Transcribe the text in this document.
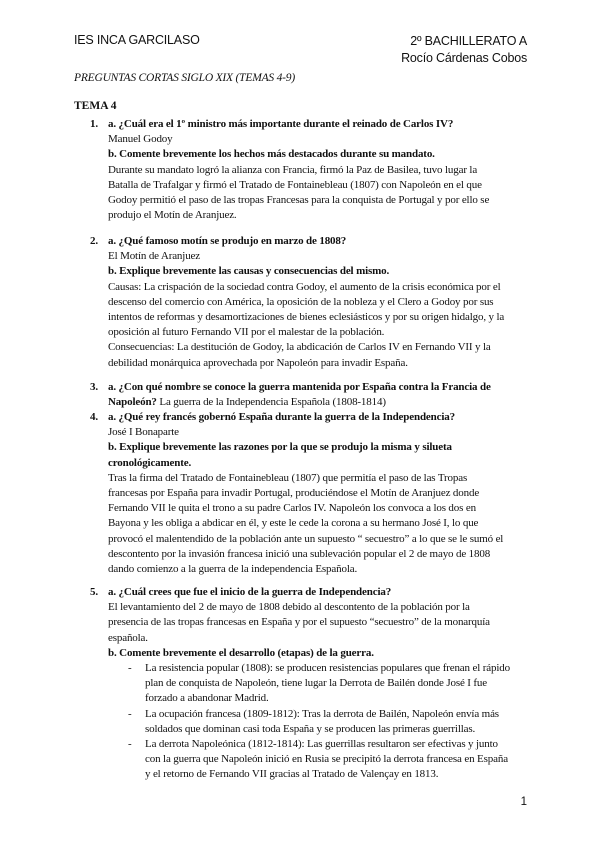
IES INCA GARCILASO	2º BACHILLERATO A
Rocío Cárdenas Cobos
PREGUNTAS CORTAS SIGLO XIX (TEMAS 4-9)
TEMA 4
1. a. ¿Cuál era el 1º ministro más importante durante el reinado de Carlos IV?
Manuel Godoy
b. Comente brevemente los hechos más destacados durante su mandato.
Durante su mandato logró la alianza con Francia, firmó la Paz de Basilea, tuvo lugar la
Batalla de Trafalgar y firmó el Tratado de Fontainebleau (1807) con Napoleón en el que
Godoy permitió el paso de las tropas Francesas para la conquista de Portugal y por ello se
produjo el Motín de Aranjuez.
2. a. ¿Qué famoso motín se produjo en marzo de 1808?
El Motín de Aranjuez
b. Explique brevemente las causas y consecuencias del mismo.
Causas: La crispación de la sociedad contra Godoy, el aumento de la crisis económica por el
descenso del comercio con América, la oposición de la nobleza y el Clero a Godoy por sus
intentos de reformas y desamortizaciones de bienes eclesiásticos y por su origen hidalgo, y la
oposición al futuro Fernando VII por el malestar de la población.
Consecuencias: La destitución de Godoy, la abdicación de Carlos IV en Fernando VII y la
debilidad monárquica aprovechada por Napoleón para invadir España.
3. a. ¿Con qué nombre se conoce la guerra mantenida por España contra la Francia de
Napoleón? La guerra de la Independencia Española (1808-1814)
4. a. ¿Qué rey francés gobernó España durante la guerra de la Independencia?
José I Bonaparte
b. Explique brevemente las razones por la que se produjo la misma y silueta
cronológicamente.
Tras la firma del Tratado de Fontainebleau (1807) que permitía el paso de las Tropas
francesas por España para invadir Portugal, produciéndose el Motín de Aranjuez donde
Fernando VII le quita el trono a su padre Carlos IV. Napoleón los convoca a los dos en
Bayona y les obliga a abdicar en él, y este le cede la corona a su hermano José I, lo que
provocó el malentendido de la población ante un supuesto “ secuestro” a lo que se le sumó el
descontento por la invasión francesa inició una sublevación popular el 2 de mayo de 1808
dando comienzo a la guerra de la independencia Española.
5. a. ¿Cuál crees que fue el inicio de la guerra de Independencia?
El levantamiento del 2 de mayo de 1808 debido al descontento de la población por la
presencia de las tropas francesas en España y por el supuesto “secuestro” de la monarquía
española.
b. Comente brevemente el desarrollo (etapas) de la guerra.
- La resistencia popular (1808): se producen resistencias populares que frenan el rápido
plan de conquista de Napoleón, tiene lugar la Derrota de Bailén donde José I fue
forzado a abandonar Madrid.
- La ocupación francesa (1809-1812): Tras la derrota de Bailén, Napoleón envía más
soldados que dominan casi toda España y se producen las primeras guerrillas.
- La derrota Napoleónica (1812-1814): Las guerrillas resultaron ser efectivas y junto
con la guerra que Napoleón inició en Rusia se precipitó la derrota francesa en España
y el retorno de Fernando VII gracias al Tratado de Valençay en 1813.
1
